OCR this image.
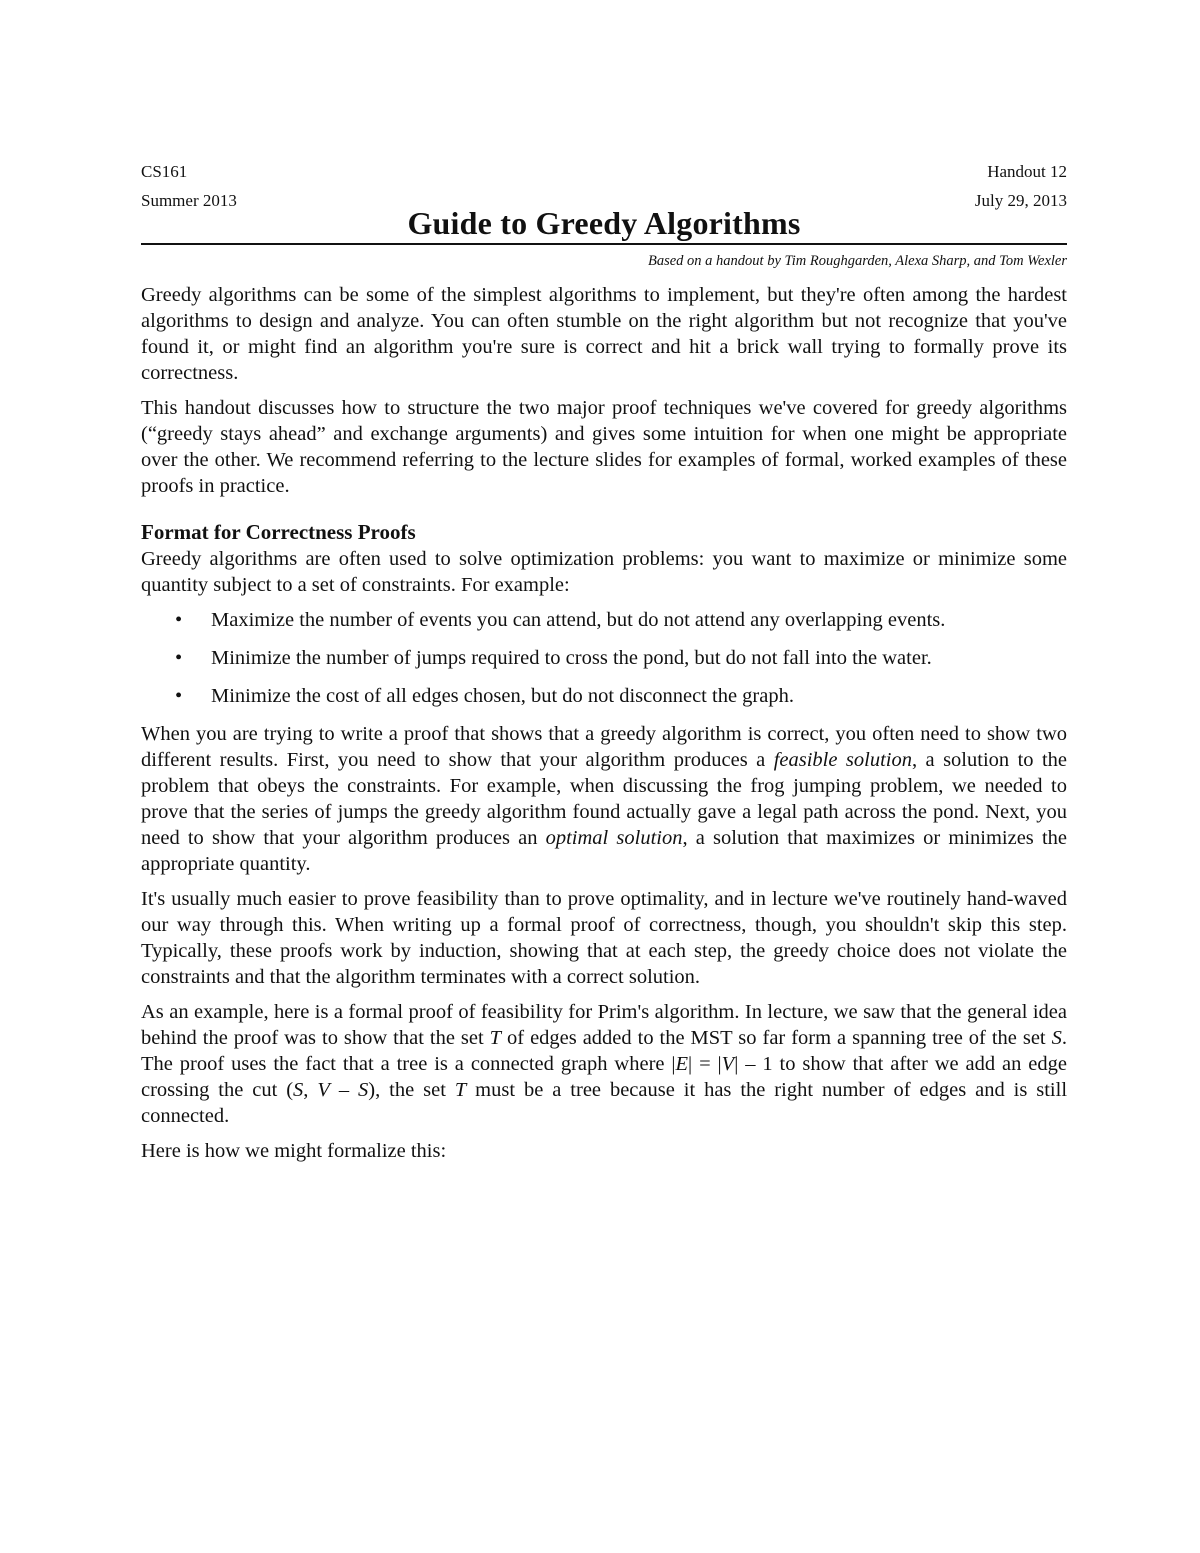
CS161	Handout 12
Summer 2013	July 29, 2013
Guide to Greedy Algorithms
Based on a handout by Tim Roughgarden, Alexa Sharp, and Tom Wexler

Greedy algorithms can be some of the simplest algorithms to implement, but they're often among the hardest algorithms to design and analyze. You can often stumble on the right algorithm but not recognize that you've found it, or might find an algorithm you're sure is correct and hit a brick wall trying to formally prove its correctness.

This handout discusses how to structure the two major proof techniques we've covered for greedy algorithms (“greedy stays ahead” and exchange arguments) and gives some intuition for when one might be appropriate over the other. We recommend referring to the lecture slides for examples of formal, worked examples of these proofs in practice.

Format for Correctness Proofs

Greedy algorithms are often used to solve optimization problems: you want to maximize or minimize some quantity subject to a set of constraints. For example:

• Maximize the number of events you can attend, but do not attend any overlapping events.
• Minimize the number of jumps required to cross the pond, but do not fall into the water.
• Minimize the cost of all edges chosen, but do not disconnect the graph.

When you are trying to write a proof that shows that a greedy algorithm is correct, you often need to show two different results. First, you need to show that your algorithm produces a feasible solution, a solution to the problem that obeys the constraints. For example, when discussing the frog jumping problem, we needed to prove that the series of jumps the greedy algorithm found actually gave a legal path across the pond. Next, you need to show that your algorithm produces an optimal solution, a solution that maximizes or minimizes the appropriate quantity.

It's usually much easier to prove feasibility than to prove optimality, and in lecture we've routinely hand-waved our way through this. When writing up a formal proof of correctness, though, you shouldn't skip this step. Typically, these proofs work by induction, showing that at each step, the greedy choice does not violate the constraints and that the algorithm terminates with a correct solution.

As an example, here is a formal proof of feasibility for Prim's algorithm. In lecture, we saw that the general idea behind the proof was to show that the set T of edges added to the MST so far form a spanning tree of the set S. The proof uses the fact that a tree is a connected graph where |E| = |V| – 1 to show that after we add an edge crossing the cut (S, V – S), the set T must be a tree because it has the right number of edges and is still connected.

Here is how we might formalize this:
